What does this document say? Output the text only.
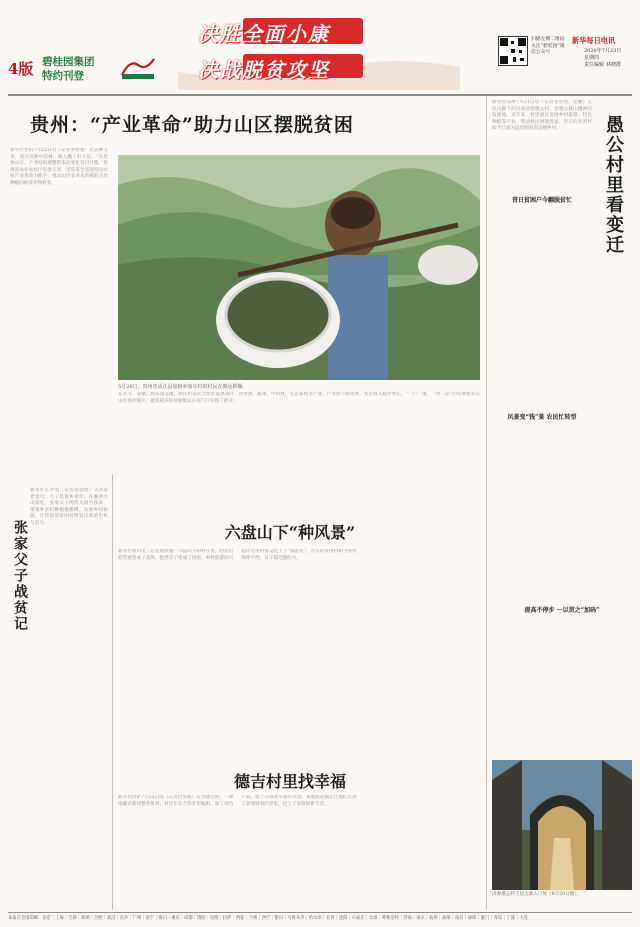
4版 碧桂园集团
特约刊登
决胜全面小康
决战脱贫攻坚
扫描左侧二维码关注“碧桂园”微信公众号
新华每日电讯
2020年7月23日
星期四
责任编辑 林晓群
贵州：“产业革命”助力山区摆脱贫困
新华社贵阳7月22日电（记者刘智强）过去种玉米，现在改种中药材，收入翻了好几倍。“在贵州山区，产业结构调整带来的变化有目共睹。”贵州省农业农村厅负责人说，近年来全省坚持以农村产业革命为抓手，推动山区农业从传统的玉米种植向经济作物转变。
5月26日，贵州省从江县加榜乡加车村的村民在搬运稻螺。
在毕节、安顺、黔东南等地，村民们依托合作社发展茶叶、食用菌、蔬菜、中药材、生态畜牧等产业，产业链不断延伸，农民收入稳步增长。“一户一策、一村一品”的发展模式在山区逐步铺开，越来越多的贫困群众在家门口实现了就业。
六盘山下“种风景”
新华社银川电（记者梁欣璇）六盘山下的村庄里，村民们把荒坡变成了花海，把老房子变成了民宿。乡村旅游的兴起让这里的群众吃上了“旅游饭”，昔日的贫困村如今游客络绎不绝，日子越过越红火。
德吉村里找幸福
新华社拉萨7月22日电（记者白少波）走进德吉村，一排排藏式新居整齐排列，村民们在合作社里编织、加工特色产品，脸上洋溢着幸福的笑容。易地扶贫搬迁让他们告别了高寒缺氧的老家，过上了安稳的新生活。
张家父子战贫记
新华社长沙电（记者刘良恒）父亲是老党员，儿子是返乡青年。在湘西大山深处，张家父子两代人接力扶贫，带领乡亲们种植猕猴桃、发展乡村旅游，让曾经的贫困村焕发出新的生机与活力。
愚公村里看变迁
新华社郑州7月21日电（记者张浩然、党鹏）王屋山脚下的河南济源愚公村，是愚公移山精神的发源地。近年来，村里通过发展乡村旅游、特色种植等产业，带动村民增收致富，昔日的贫困村如今已成为远近闻名的美丽乡村。
昔日贫困户今翻脱贫忙
风景变“钱”景 农民忙转型
提高不停步 一以贯之“加码”
济源愚公村王屋古寨入口处（6月29日摄）。
本报在全国印刷：北京｜上海｜天津｜郑州｜合肥｜武汉｜长沙｜广州｜南宁｜海口｜重庆｜成都｜贵阳｜昆明｜拉萨｜西安｜兰州｜西宁｜银川｜乌鲁木齐｜哈尔滨｜长春｜沈阳｜石家庄｜太原｜呼和浩特｜济南｜南京｜杭州｜福州｜南昌｜深圳｜厦门｜青岛｜宁波｜大连
